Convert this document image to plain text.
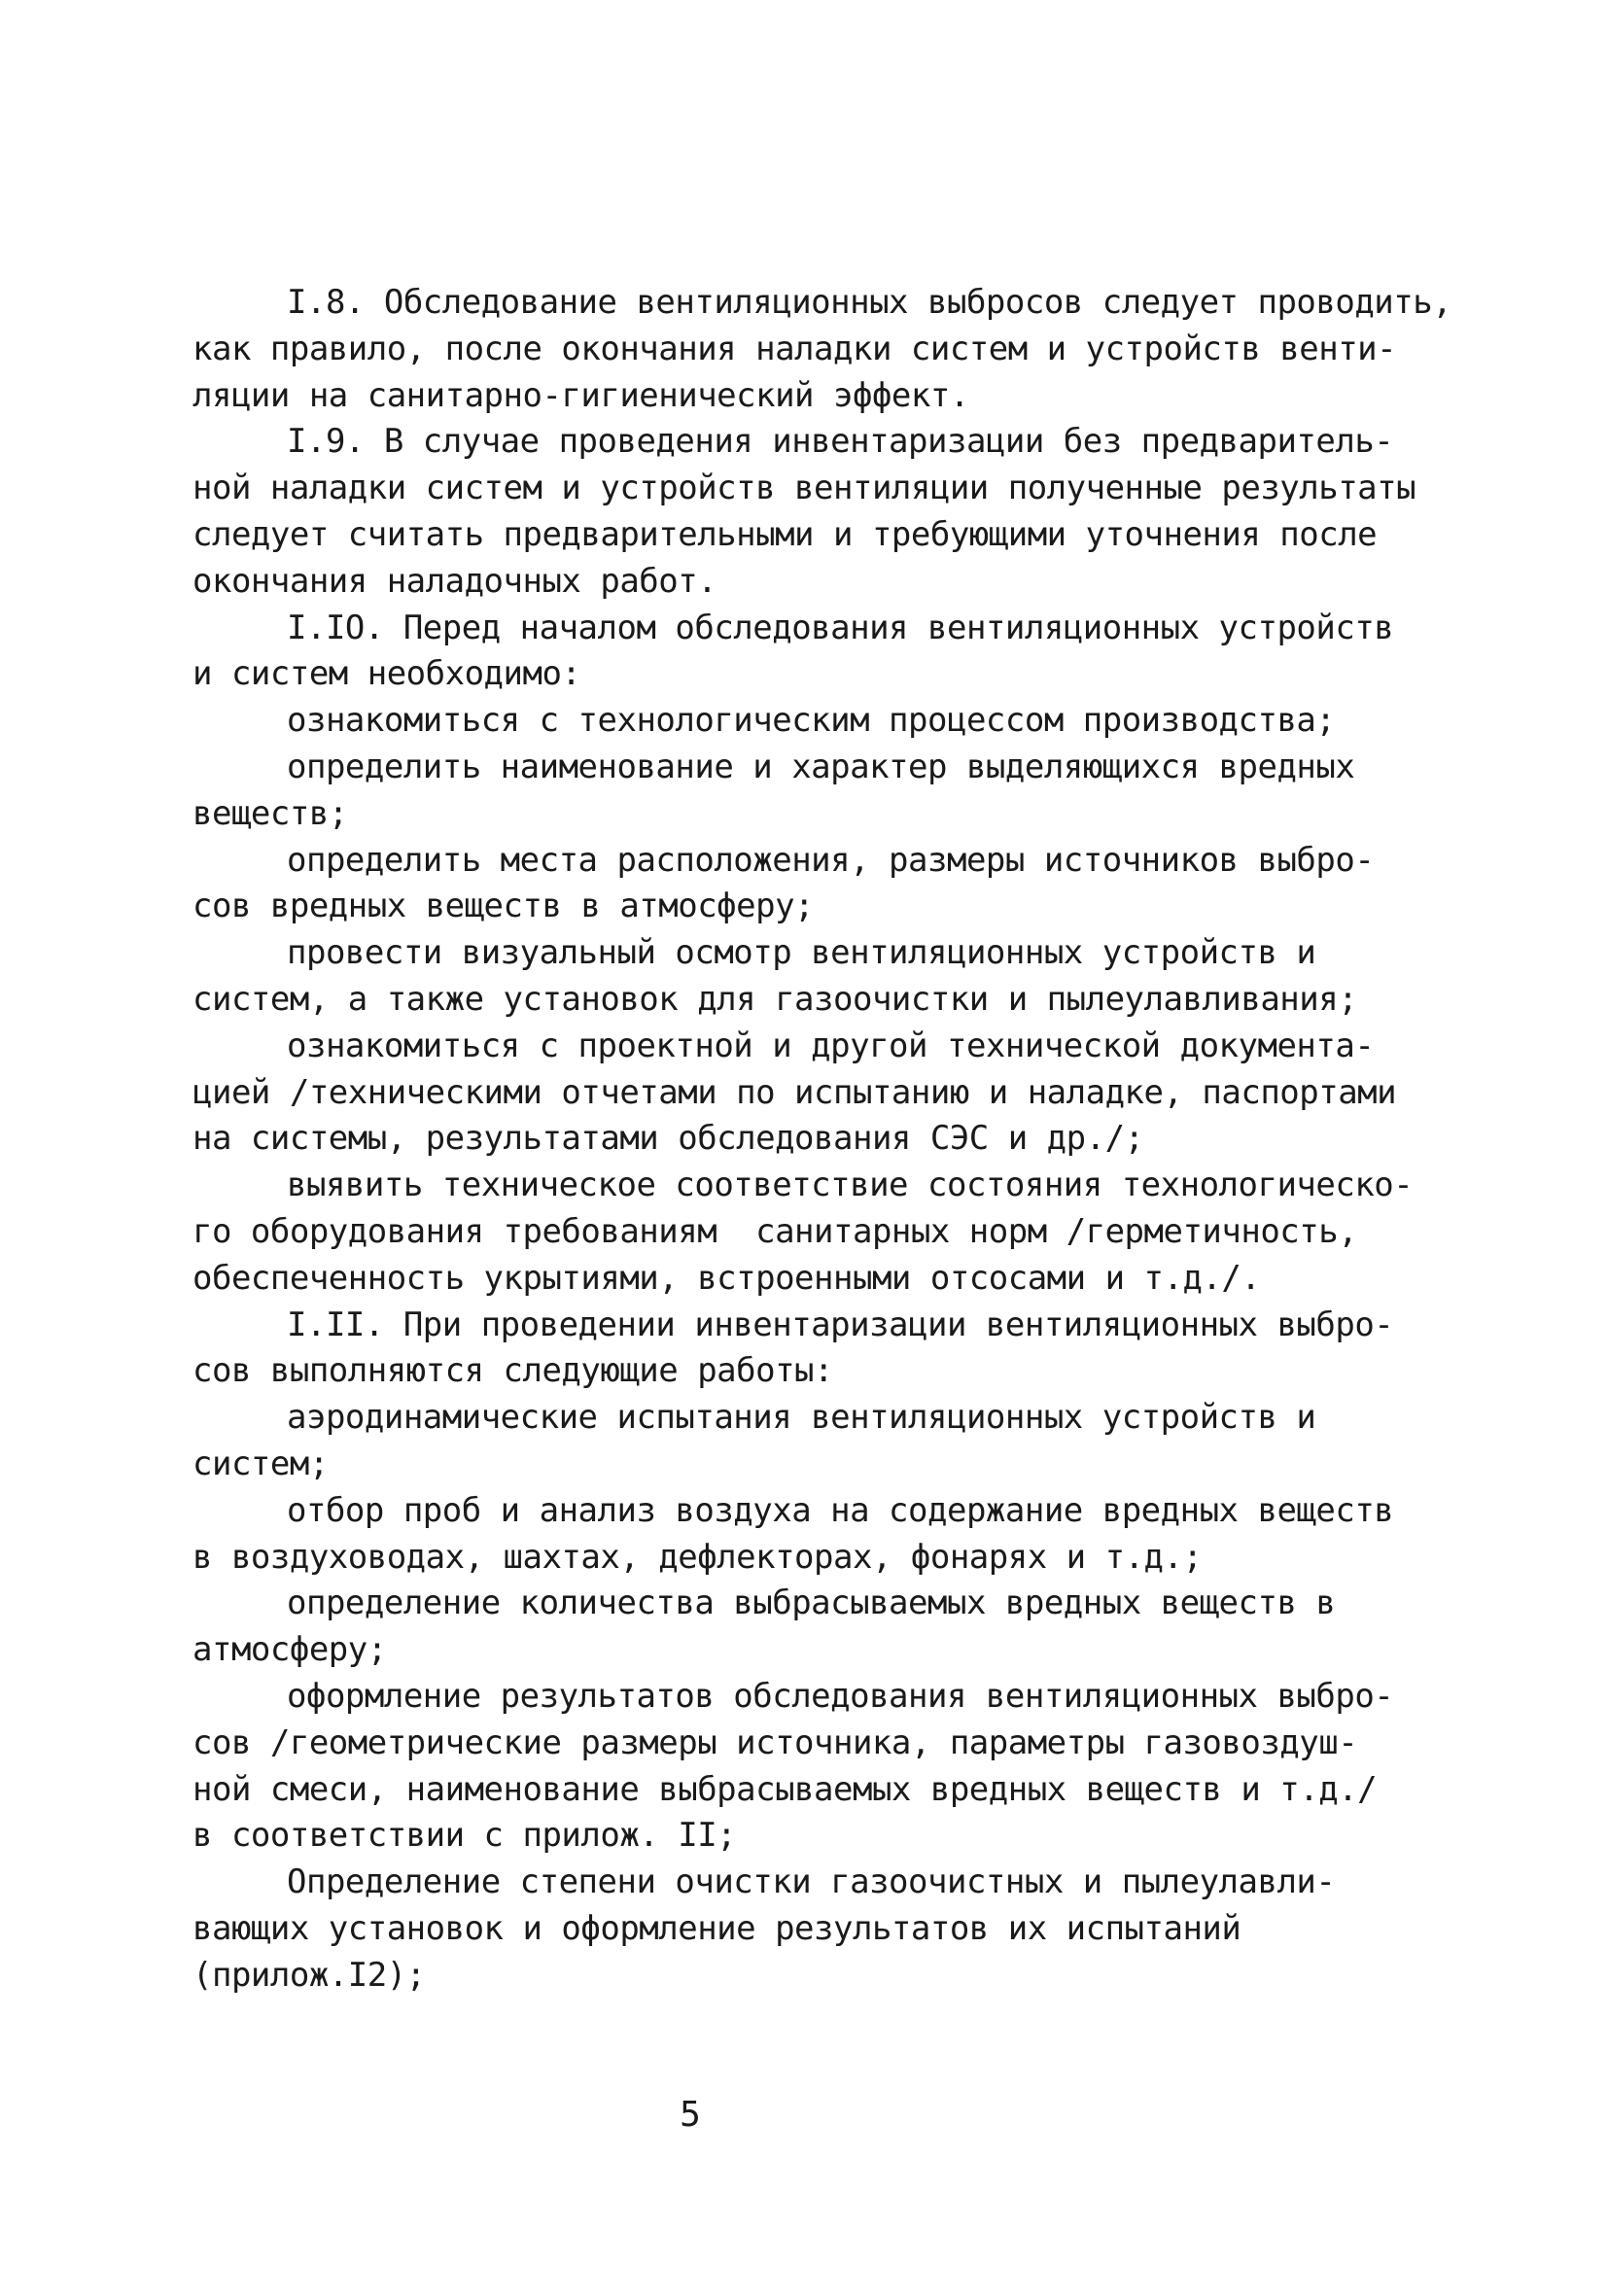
I.8. Обследование вентиляционных выбросов следует проводить,
как правило, после окончания наладки систем и устройств венти-
ляции на санитарно-гигиенический эффект.
I.9. В случае проведения инвентаризации без предваритель-
ной наладки систем и устройств вентиляции полученные результаты
следует считать предварительными и требующими уточнения после
окончания наладочных работ.
I.IO. Перед началом обследования вентиляционных устройств
и систем необходимо:
ознакомиться с технологическим процессом производства;
определить наименование и характер выделяющихся вредных
веществ;
определить места расположения, размеры источников выбро-
сов вредных веществ в атмосферу;
провести визуальный осмотр вентиляционных устройств и
систем, а также установок для газоочистки и пылеулавливания;
ознакомиться с проектной и другой технической документа-
цией /техническими отчетами по испытанию и наладке, паспортами
на системы, результатами обследования СЭС и др./;
выявить техническое соответствие состояния технологическо-
го оборудования требованиям  санитарных норм /герметичность,
обеспеченность укрытиями, встроенными отсосами и т.д./.
I.II. При проведении инвентаризации вентиляционных выбро-
сов выполняются следующие работы:
аэродинамические испытания вентиляционных устройств и
систем;
отбор проб и анализ воздуха на содержание вредных веществ
в воздуховодах, шахтах, дефлекторах, фонарях и т.д.;
определение количества выбрасываемых вредных веществ в
атмосферу;
оформление результатов обследования вентиляционных выбро-
сов /геометрические размеры источника, параметры газовоздуш-
ной смеси, наименование выбрасываемых вредных веществ и т.д./
в соответствии с прилож. II;
Определение степени очистки газоочистных и пылеулавли-
вающих установок и оформление результатов их испытаний
(прилож.I2);
5
